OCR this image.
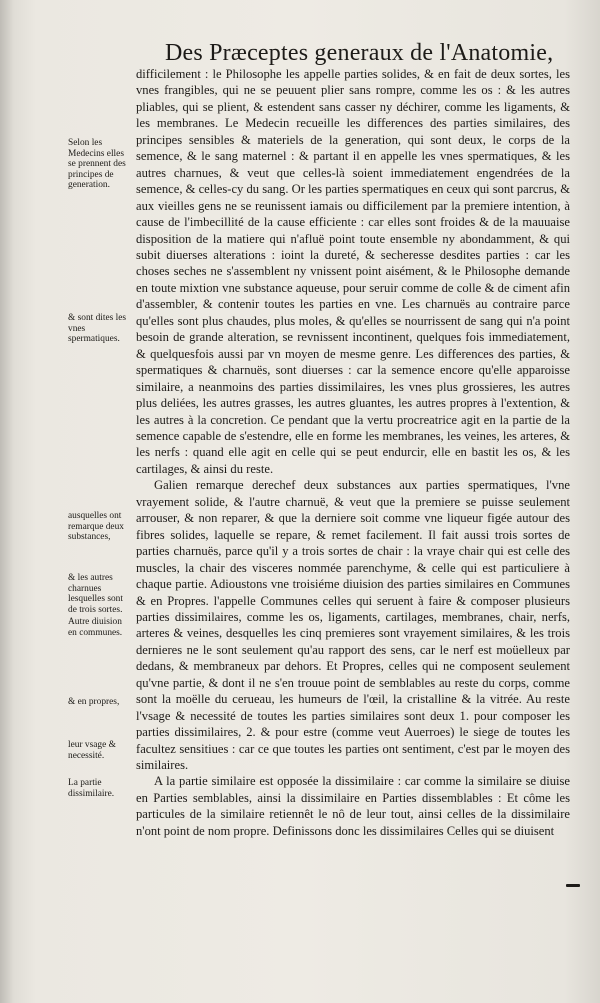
Des Præceptes generaux de l'Anatomie,
Selon les Medecins elles se prennent des principes de generation.
& sont dites les vnes spermatiques.
ausquelles ont remarque deux substances,
& les autres charnues lesquelles sont de trois sortes.
Autre diuision en communes.
& en propres,
leur vsage & necessité.
La partie dissimilaire.

difficilement : le Philosophe les appelle parties solides, & en fait de deux sortes, les vnes frangibles, qui ne se peuuent plier sans rompre, comme les os : & les autres pliables, qui se plient, & estendent sans casser ny déchirer, comme les ligaments, & les membranes. Le Medecin recueille les differences des parties similaires, des principes sensibles & materiels de la generation, qui sont deux, le corps de la semence, & le sang maternel : & partant il en appelle les vnes spermatiques, & les autres charnues, & veut que celles-là soient immediatement engendrées de la semence, & celles-cy du sang. Or les parties spermatiques en ceux qui sont parcrus, & aux vieilles gens ne se reunissent iamais ou difficilement par la premiere intention, à cause de l'imbecillité de la cause efficiente : car elles sont froides & de la mauuaise disposition de la matiere qui n'afluë point toute ensemble ny abondamment, & qui subit diuerses alterations : ioint la dureté, & secheresse desdites parties : car les choses seches ne s'assemblent ny vnissent point aisément, & le Philosophe demande en toute mixtion vne substance aqueuse, pour seruir comme de colle & de ciment afin d'assembler, & contenir toutes les parties en vne. Les charnuës au contraire parce qu'elles sont plus chaudes, plus moles, & qu'elles se nourrissent de sang qui n'a point besoin de grande alteration, se revnissent incontinent, quelques fois immediatement, & quelquesfois aussi par vn moyen de mesme genre. Les differences des parties, & spermatiques & charnuës, sont diuerses : car la semence encore qu'elle apparoisse similaire, a neanmoins des parties dissimilaires, les vnes plus grossieres, les autres plus deliées, les autres grasses, les autres gluantes, les autres propres à l'extention, & les autres à la concretion. Ce pendant que la vertu procreatrice agit en la partie de la semence capable de s'estendre, elle en forme les membranes, les veines, les arteres, & les nerfs : quand elle agit en celle qui se peut endurcir, elle en bastit les os, & les cartilages, & ainsi du reste.

Galien remarque derechef deux substances aux parties spermatiques, l'vne vrayement solide, & l'autre charnuë, & veut que la premiere se puisse seulement arrouser, & non reparer, & que la derniere soit comme vne liqueur figée autour des fibres solides, laquelle se repare, & remet facilement. Il fait aussi trois sortes de parties charnuës, parce qu'il y a trois sortes de chair : la vraye chair qui est celle des muscles, la chair des visceres nommée parenchyme, & celle qui est particuliere à chaque partie. Adioustons vne troisiéme diuision des parties similaires en Communes & en Propres. l'appelle Communes celles qui seruent à faire & composer plusieurs parties dissimilaires, comme les os, ligaments, cartilages, membranes, chair, nerfs, arteres & veines, desquelles les cinq premieres sont vrayement similaires, & les trois dernieres ne le sont seulement qu'au rapport des sens, car le nerf est moüelleux par dedans, & membraneux par dehors. Et Propres, celles qui ne composent seulement qu'vne partie, & dont il ne s'en trouue point de semblables au reste du corps, comme sont la moëlle du cerueau, les humeurs de l'œil, la cristalline & la vitrée. Au reste l'vsage & necessité de toutes les parties similaires sont deux 1. pour composer les parties dissimilaires, 2. & pour estre (comme veut Auerroes) le siege de toutes les facultez sensitiues : car ce que toutes les parties ont sentiment, c'est par le moyen des similaires.

A la partie similaire est opposée la dissimilaire : car comme la similaire se diuise en Parties semblables, ainsi la dissimilaire en Parties dissemblables : Et côme les particules de la similaire retiennêt le nô de leur tout, ainsi celles de la dissimilaire n'ont point de nom propre. Definissons donc les dissimilaires Celles qui se diuisent
